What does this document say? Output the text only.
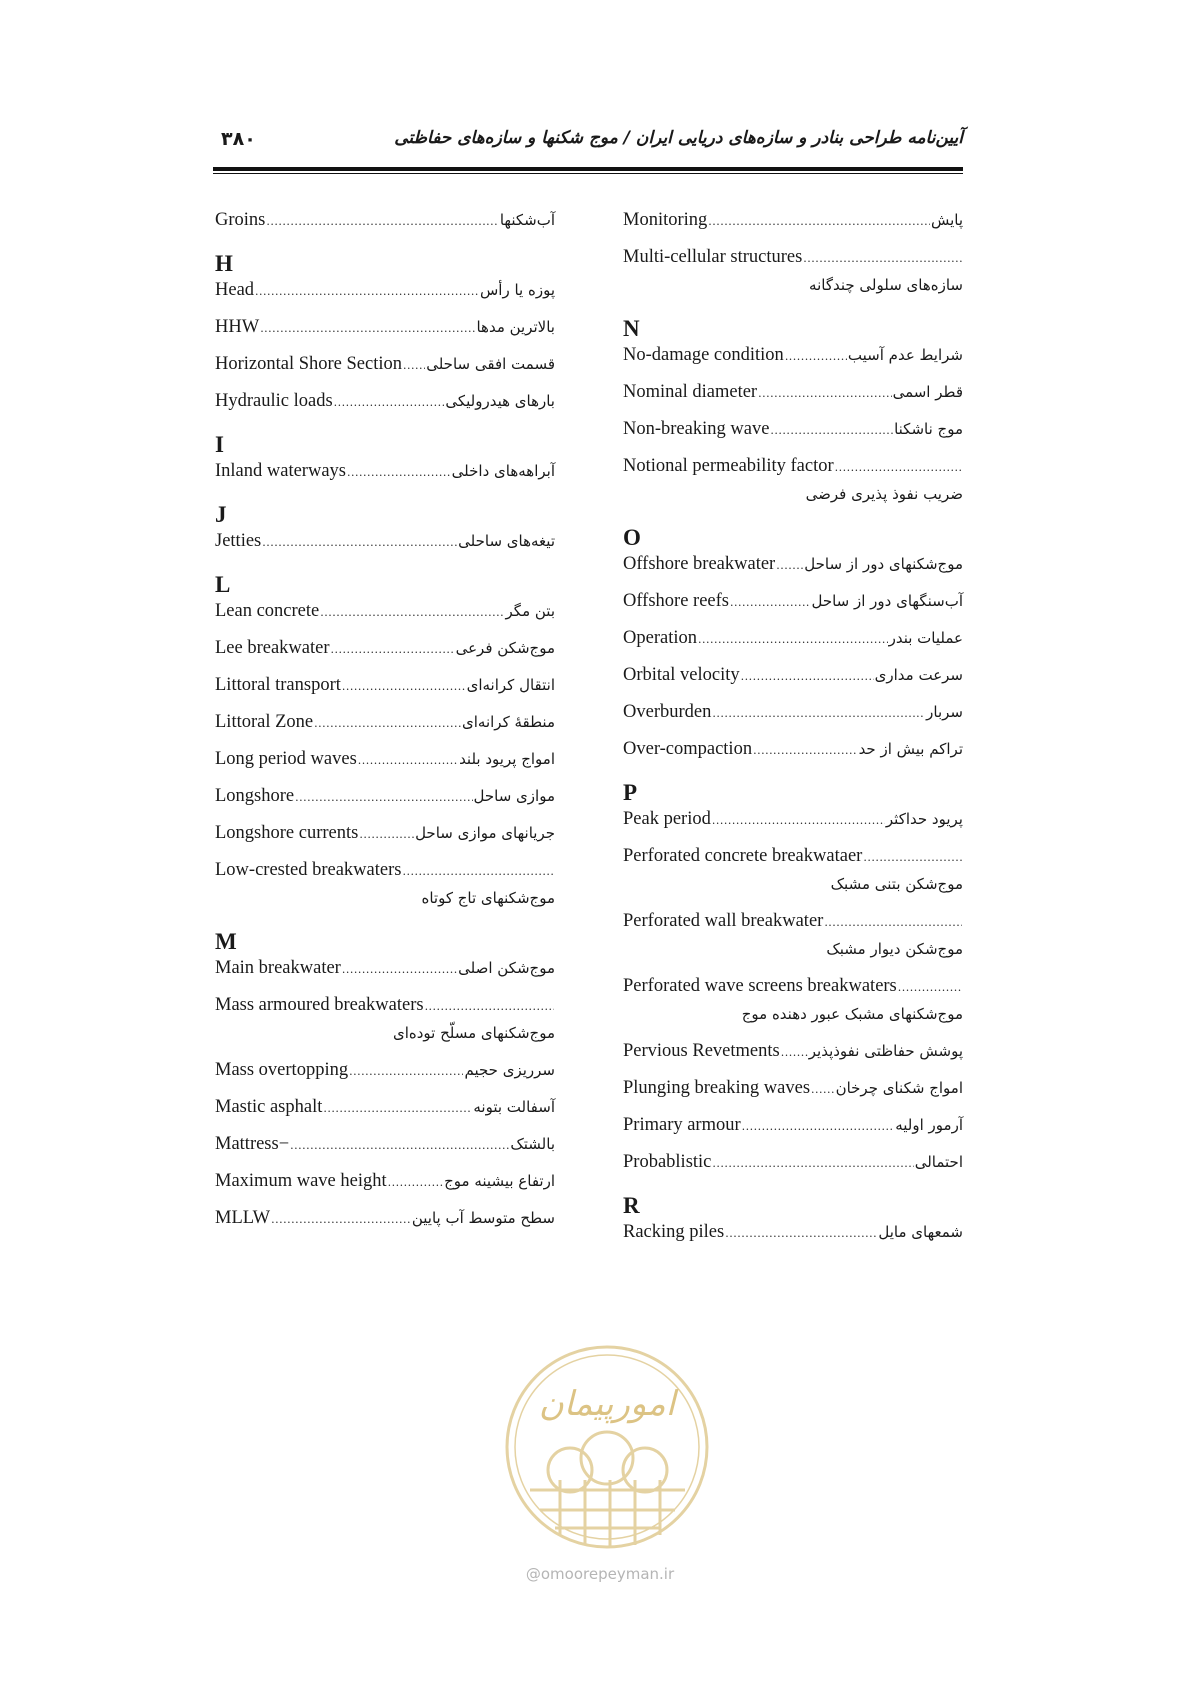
۳۸۰	آیین‌نامه طراحی بنادر و سازه‌های دریایی ایران / موج شکنها و سازه‌های حفاظتی
Groins .....	آب‌شکنها
H
Head .....	پوزه یا رأس
HHW .....	بالاترین مدها
Horizontal Shore Section ..... قسمت افقی ساحلی
Hydraulic loads .....	بارهای هیدرولیکی
I
Inland waterways .....	آبراهه‌های داخلی
J
Jetties .....	تیغه‌های ساحلی
L
Lean concrete .....	بتن مگر
Lee breakwater .....	موج‌شکن فرعی
Littoral transport .....	انتقال کرانه‌ای
Littoral Zone .....	منطقهٔ کرانه‌ای
Long period waves .....	امواج پریود بلند
Longshore .....	موازی ساحل
Longshore currents .....	جریانهای موازی ساحل
Low-crested breakwaters
.....
موج‌شکنهای تاج کوتاه
M
Main breakwater .....	موج‌شکن اصلی
Mass armoured breakwaters
.....
موج‌شکنهای مسلّح توده‌ای
Mass overtopping .....	سرریزی حجیم
Mastic asphalt .....	آسفالت بتونه
Mattress− .....	بالشتک
Maximum wave height .....	ارتفاع بیشینه موج
MLLW .....	سطح متوسط آب پایین
Monitoring .....	پایش
Multi-cellular structures
.....
سازه‌های سلولی چندگانه
N
No-damage condition .....	شرایط عدم آسیب
Nominal diameter .....	قطر اسمی
Non-breaking wave .....	موج ناشکنا
Notional permeability factor
.....
ضریب نفوذ پذیری فرضی
O
Offshore breakwater ..... موج‌شکنهای دور از ساحل
Offshore reefs .....	آب‌سنگهای دور از ساحل
Operation .....	عملیات بندر
Orbital velocity .....	سرعت مداری
Overburden .....	سربار
Over-compaction .....	تراکم بیش از حد
P
Peak period .....	پریود حداکثر
Perforated concrete breakwataer
.....
موج‌شکن بتنی مشبک
Perforated wall breakwater
.....
موج‌شکن دیوار مشبک
Perforated wave screens breakwaters
.....
موج‌شکنهای مشبک عبور دهنده موج
Pervious Revetments ..... پوشش حفاظتی نفوذپذیر
Plunging breaking waves ..... امواج شکنای چرخان
Primary armour .....	آرمور اولیه
Probablistic .....	احتمالی
R
Racking piles .....	شمعهای مایل
امورپیمان
@omoorepeyman.ir
